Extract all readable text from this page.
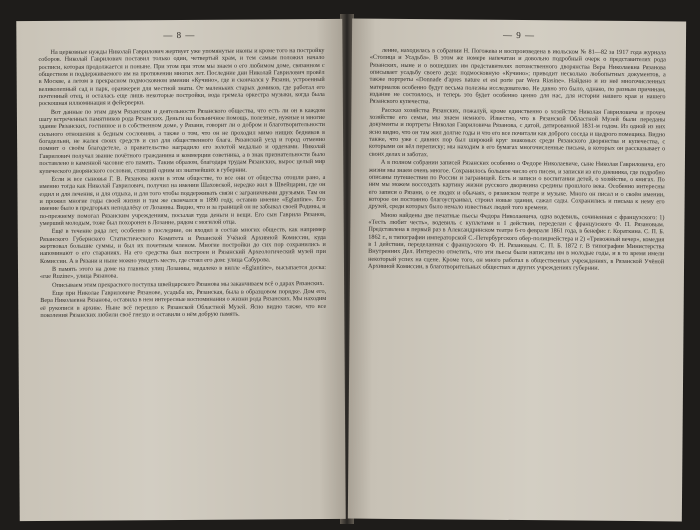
— 8 —

На церковные нужды Николай Гаврилович жертвует уже упомянутые иконы и кроме того на постройку соборов. Николай Гаврилович поставил только один, четвертый храм, и тем самым положил начало росписи, которая продолжается и поныне. При этом при этом мы знаем о его любимом доме, связанном с обществом и поддерживаемого им на протяжении многих лет. Последние дни Николай Гаврилович провёл в Москве, а летом в прекрасном подмосковном имении «Кучино», где и скончался у Рязани, устроенный великолепный сад и парк, оранжереи для местной знати. От маленьких старых домиков, где работал его почтенный отец, и осталась еще лишь некоторые постройки, вода гремела оркестра музыки, когда была роскошная иллюминация и фейерверки.

Вот данные по этим двум Рязанским и деятельности Рязанского общества, что есть ли он в каждом шагу встреченных памятников рода Рязанских. Деньги на больничное помощь, полезные, нужные и многие здание Рязанских, гостинное и в собственном доме, у Рязани, говорит ли о добром и благотворительности сильного отношения к бедным сословиям, а также о том, что он не проходил мимо нищих бедняков в богадельни, не жалея своих средств и сил для общественного блага. Рязанский уезд и город отменно помнит о своём благодетеле, а правительство наградило его золотой медалью и орденами. Николай Гаврилович получал звание почётного гражданина и коммерции советника, а в знак признательности было поставлено в каменной часовне его память. Таким образом, благодаря трудам Рязанских, вырос целый мир купеческого дворянского сословия, ставший одним из знатнейших в губернии.

Если ж все сыновья Г. В. Рязанова жили в этом обществе, то все они от общества отошли рано, а именно тогда как Николай Гаврилович, получил на имении Шаховской, нередко жил в Швейцарии, где он ездил и для лечения, и для отдыха, и для того чтобы поддерживать связи с заграничными друзьями. Там он и прожил многие годы своей жизни и там же скончался в 1890 году, оставив имение «Eglantine». Его имение было в предгорьях неподалёку от Лозанны. Видно, что и за границей он не забывал своей Родины, и по-прежнему помогал Рязанским учреждениям, посылая туда деньги и вещи. Его сын Гаврила Рязанов, умерший молодым, тоже был похоронен в Лозанне, рядом с могилой отца.

Ещё в течение ряда лет, особенно в последние, он входил в состав многих обществ, как например Рязанского Губернского Статистического Комитета и Рязанской Учёной Архивной Комиссии, куда жертвовал большие суммы, и был их почетным членом. Многие постройки до сих пор сохранились и напоминают о его стараниях. На его средства был построен и Рязанский Археологический музей при Комиссии. А в Рязани и ныне можно увидеть место, где стоял его дом: улица Сабурова.

В память этого на доме на главных улиц Лозанны, недалеко в вилле «Eglantine», высыпается доска: «rue Ruzine», улица Рязанова.

Описываем этим прекрасного поступка швейцарского Рязанова мы заканчиваем всё о дарах Рязанских.

Еще при Николае Гавриловиче Рязанове, усадьба их, Рязанская, была в образцовом порядке. Дом его, Вера Николаевна Рязанова, оставила в нем интересные воспоминания о жизни рода Рязанских. Мы находим её рукописи в архиве. Ныне всё перешло к Рязанской Областной Музей. Ясно видно также, что все поколения Рязанских любили своё гнездо и оставили о нём добрую память.

— 9 —

ление, находилась в собрании Н. Погожева и воспроизведена в июльском № 81—82 за 1917 года журнала «Столица и Усадьба». В этом же номере напечатан и довольно подробный очерк о представителях рода Рязанских, ныне и о вошедших им представителях потомственного дворянства Вера Николаевна Рязанова описывает усадьбу своего деда: подмосковную «Кучино»; приводит несколько любопытных документов, а также портреты «Donnade d'apres nature et est porte par Wera Riasine». Найдено и из неё многочисленных материалов особенно будут весьма полезны исследователю. Не давно это было, однако, по разным причинам, издание не состоялось, и теперь это будет особенно ценно для нас, для истории нашего края и нашего Рязанского купечества.

Рассказ хозяйства Рязанских, пожалуй, кроме единственно о хозяйстве Николая Гавриловича и прочем хозяйстве его семьи, мы знаем немного. Известно, что в Рязанской Областной Музей были переданы документы и портреты Николая Гавриловича Рязанова, с датой, датированной 1831-м годом. Из одной из них ясно видно, что он там жил долгие годы и что его все почитали как доброго соседа и щедрого помещика. Видно также, что уже с давних пор был широкий круг знакомых среди Рязанского дворянства и купечества, с которыми он вёл переписку; мы находим в его бумагах многочисленные письма, в которых он рассказывает о своих делах и заботах.

А в полном собрании записей Рязанских особенно о Федоре Николаевиче, сыне Николая Гавриловича, его жизни мы знаем очень многое. Сохранилось большое число его писем, и записки из его дневника, где подробно описаны путешествия по России и заграницей. Есть и записи о воспитании детей, о хозяйстве, о книгах. По ним мы можем воссоздать картину жизни русского дворянина средины прошлого века. Особенно интересны его записи о Рязани, о ее людях и обычаях, о рязанском театре и музыке. Много он писал и о своём имении, которое он постоянно благоустраивал, строил новые здания, сажал сады. Сохранились и письма к нему его друзей, среди которых было немало известных людей того времени.

Мною найдены две печатные пьесы Федора Николаевича, одна водевиль, сочиненная с французского: 1) «Тесть любит честь», водевиль с куплетами в 1 действии, переделан с французского Ф. П. Рязановым. Представлена в первый раз в Александринском театре 6-го февраля 1861 года, в бенефис г. Кораткина. С. П. Б. 1862 г., в типографии императорской С.-Петербургского обер-полицмейстера и 2) «Тревожный вечер», комедия в 1 действии, переделанная с французского Ф. Н. Рязановым. С. П. Б. 1872 г. В типографии Министерства Внутренних Дел. Интересно отметить, что эти пьесы были написаны им в молодые годы, и в то время имели некоторый успех на сцене. Кроме того, он много работал в общественных учреждениях, в Рязанской Учёной Архивной Комиссии, в благотворительных обществах и других учреждениях губернии.
